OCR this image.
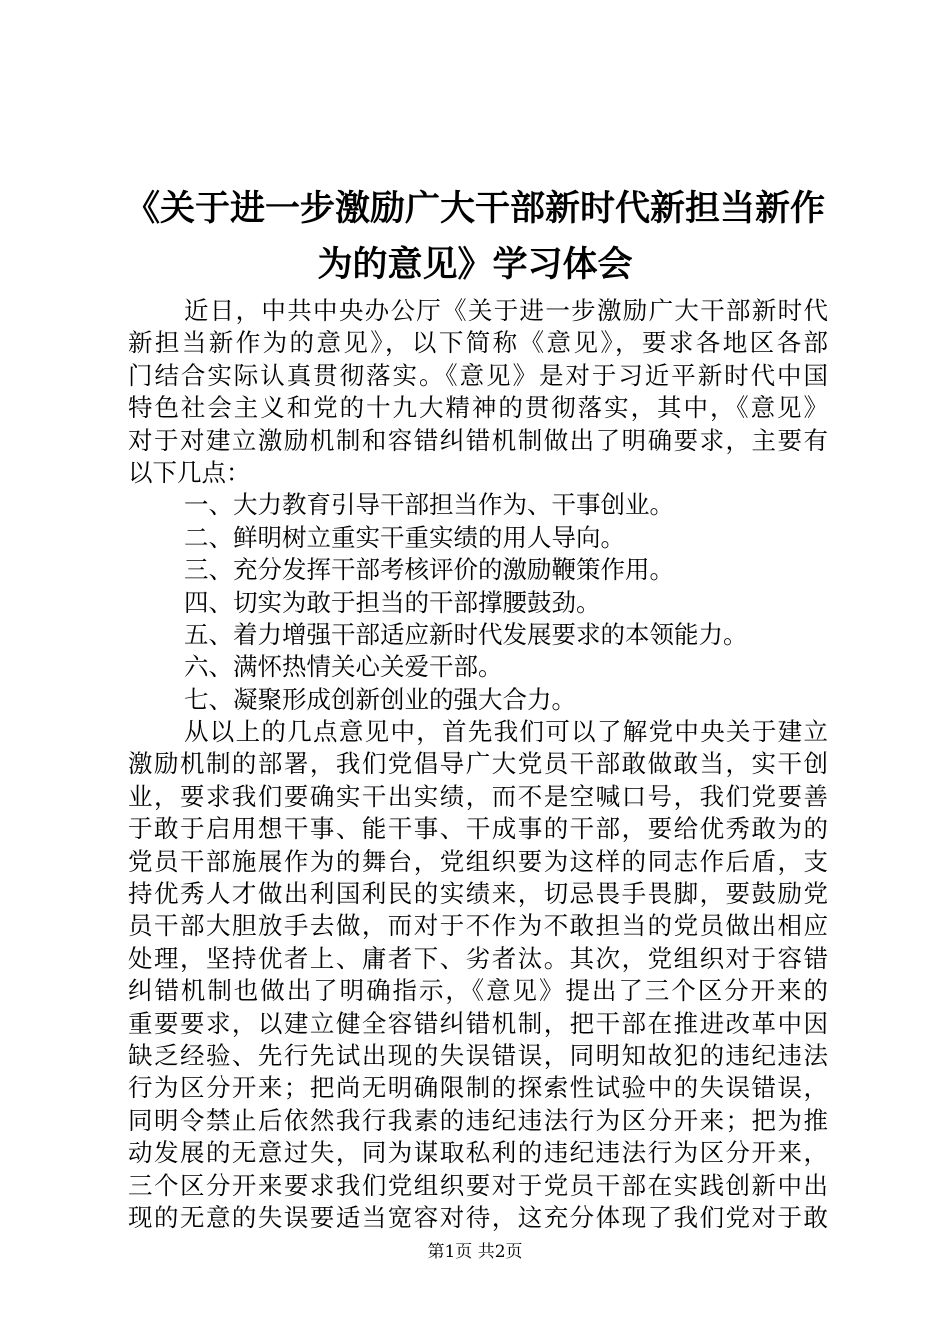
《关于进一步激励广大干部新时代新担当新作
为的意见》学习体会
近日，中共中央办公厅《关于进一步激励广大干部新时代
新担当新作为的意见》，以下简称《意见》，要求各地区各部
门结合实际认真贯彻落实。《意见》是对于习近平新时代中国
特色社会主义和党的十九大精神的贯彻落实，其中，《意见》
对于对建立激励机制和容错纠错机制做出了明确要求，主要有
以下几点：
一、大力教育引导干部担当作为、干事创业。
二、鲜明树立重实干重实绩的用人导向。
三、充分发挥干部考核评价的激励鞭策作用。
四、切实为敢于担当的干部撑腰鼓劲。
五、着力增强干部适应新时代发展要求的本领能力。
六、满怀热情关心关爱干部。
七、凝聚形成创新创业的强大合力。
从以上的几点意见中，首先我们可以了解党中央关于建立
激励机制的部署，我们党倡导广大党员干部敢做敢当，实干创
业，要求我们要确实干出实绩，而不是空喊口号，我们党要善
于敢于启用想干事、能干事、干成事的干部，要给优秀敢为的
党员干部施展作为的舞台，党组织要为这样的同志作后盾，支
持优秀人才做出利国利民的实绩来，切忌畏手畏脚，要鼓励党
员干部大胆放手去做，而对于不作为不敢担当的党员做出相应
处理，坚持优者上、庸者下、劣者汰。其次，党组织对于容错
纠错机制也做出了明确指示，《意见》提出了三个区分开来的
重要要求，以建立健全容错纠错机制，把干部在推进改革中因
缺乏经验、先行先试出现的失误错误，同明知故犯的违纪违法
行为区分开来；把尚无明确限制的探索性试验中的失误错误，
同明令禁止后依然我行我素的违纪违法行为区分开来；把为推
动发展的无意过失，同为谋取私利的违纪违法行为区分开来，
三个区分开来要求我们党组织要对于党员干部在实践创新中出
现的无意的失误要适当宽容对待，这充分体现了我们党对于敢
第1页 共2页
